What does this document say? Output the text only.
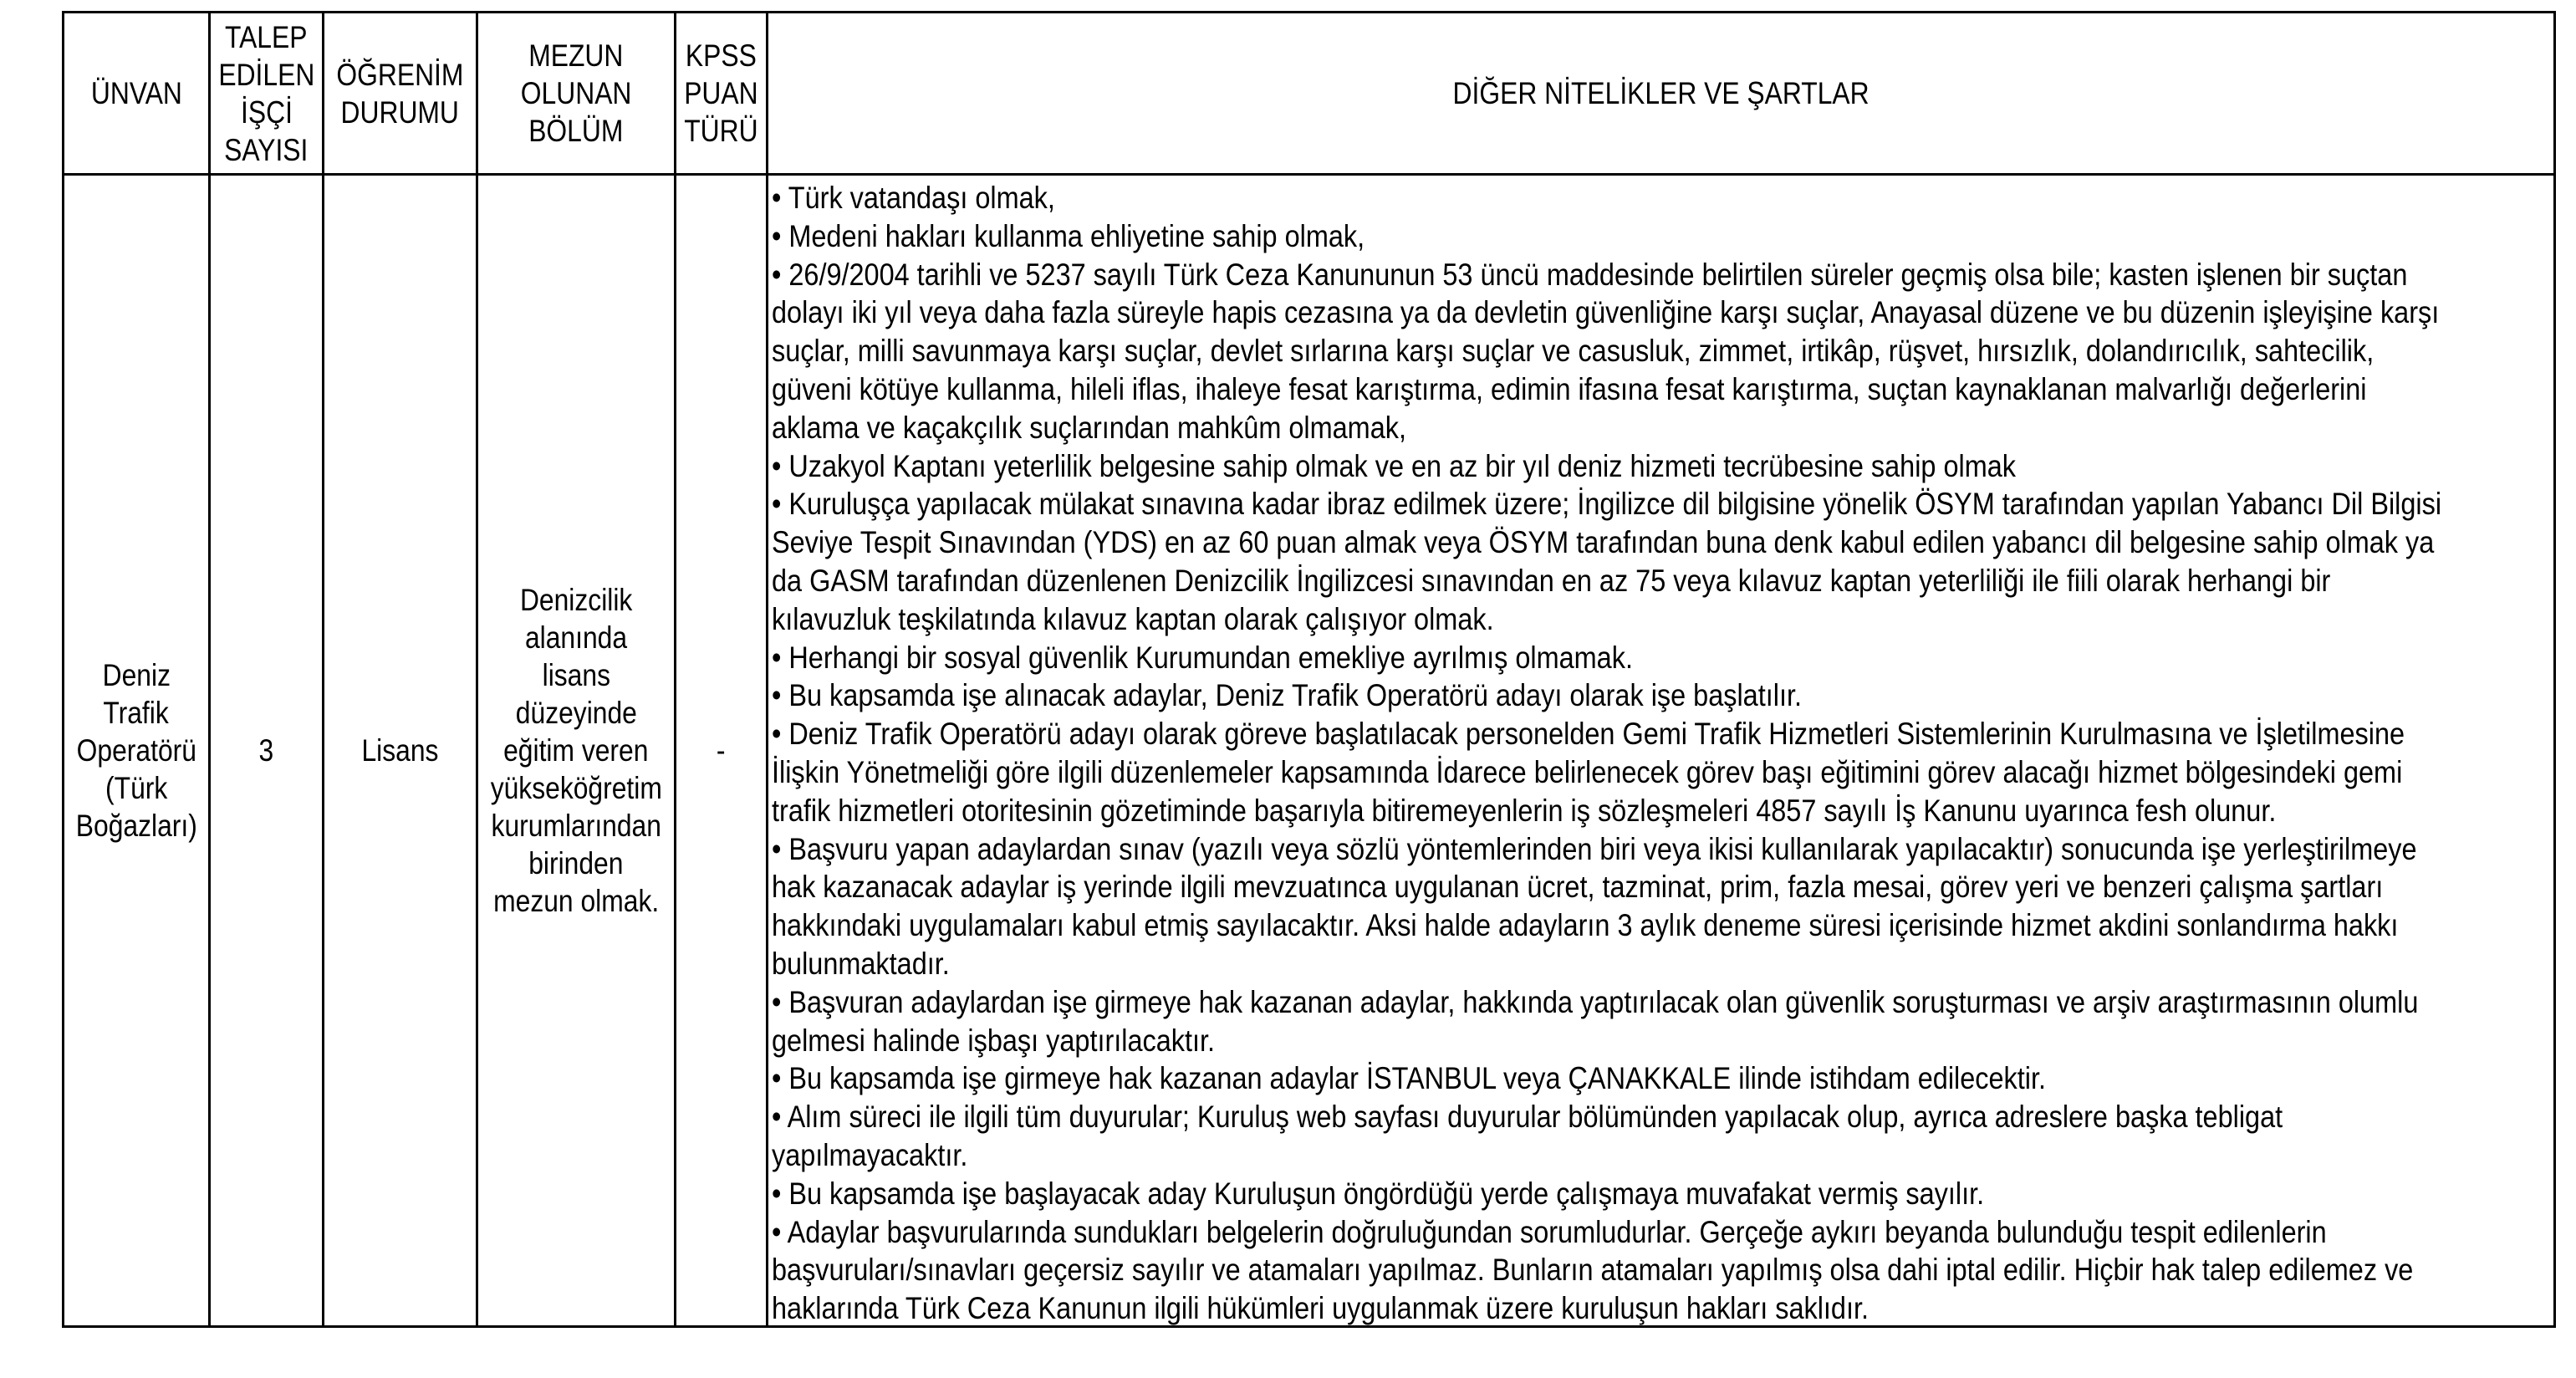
ÜNVAN
TALEP
EDİLEN
İŞÇİ
SAYISI
ÖĞRENİM
DURUMU
MEZUN
OLUNAN
BÖLÜM
KPSS
PUAN
TÜRÜ
DİĞER NİTELİKLER VE ŞARTLAR
Deniz
Trafik
Operatörü
(Türk
Boğazları)
3	Lisans
Denizcilik
alanında
lisans
düzeyinde
eğitim veren
yükseköğretim
kurumlarından
birinden
mezun olmak.
-
• Türk vatandaşı olmak,
• Medeni hakları kullanma ehliyetine sahip olmak,
• 26/9/2004 tarihli ve 5237 sayılı Türk Ceza Kanununun 53 üncü maddesinde belirtilen süreler geçmiş olsa bile; kasten işlenen bir suçtan
dolayı iki yıl veya daha fazla süreyle hapis cezasına ya da devletin güvenliğine karşı suçlar, Anayasal düzene ve bu düzenin işleyişine karşı
suçlar, milli savunmaya karşı suçlar, devlet sırlarına karşı suçlar ve casusluk, zimmet, irtikâp, rüşvet, hırsızlık, dolandırıcılık, sahtecilik,
güveni kötüye kullanma, hileli iflas, ihaleye fesat karıştırma, edimin ifasına fesat karıştırma, suçtan kaynaklanan malvarlığı değerlerini
aklama ve kaçakçılık suçlarından mahkûm olmamak,
• Uzakyol Kaptanı yeterlilik belgesine sahip olmak ve en az bir yıl deniz hizmeti tecrübesine sahip olmak
• Kuruluşça yapılacak mülakat sınavına kadar ibraz edilmek üzere; İngilizce dil bilgisine yönelik ÖSYM tarafından yapılan Yabancı Dil Bilgisi
Seviye Tespit Sınavından (YDS) en az 60 puan almak veya ÖSYM tarafından buna denk kabul edilen yabancı dil belgesine sahip olmak ya
da GASM tarafından düzenlenen Denizcilik İngilizcesi sınavından en az 75 veya kılavuz kaptan yeterliliği ile fiili olarak herhangi bir
kılavuzluk teşkilatında kılavuz kaptan olarak çalışıyor olmak.
• Herhangi bir sosyal güvenlik Kurumundan emekliye ayrılmış olmamak.
• Bu kapsamda işe alınacak adaylar, Deniz Trafik Operatörü adayı olarak işe başlatılır.
• Deniz Trafik Operatörü adayı olarak göreve başlatılacak personelden Gemi Trafik Hizmetleri Sistemlerinin Kurulmasına ve İşletilmesine
İlişkin Yönetmeliği göre ilgili düzenlemeler kapsamında İdarece belirlenecek görev başı eğitimini görev alacağı hizmet bölgesindeki gemi
trafik hizmetleri otoritesinin gözetiminde başarıyla bitiremeyenlerin iş sözleşmeleri 4857 sayılı İş Kanunu uyarınca fesh olunur.
• Başvuru yapan adaylardan sınav (yazılı veya sözlü yöntemlerinden biri veya ikisi kullanılarak yapılacaktır) sonucunda işe yerleştirilmeye
hak kazanacak adaylar iş yerinde ilgili mevzuatınca uygulanan ücret, tazminat, prim, fazla mesai, görev yeri ve benzeri çalışma şartları
hakkındaki uygulamaları kabul etmiş sayılacaktır. Aksi halde adayların 3 aylık deneme süresi içerisinde hizmet akdini sonlandırma hakkı
bulunmaktadır.
• Başvuran adaylardan işe girmeye hak kazanan adaylar, hakkında yaptırılacak olan güvenlik soruşturması ve arşiv araştırmasının olumlu
gelmesi halinde işbaşı yaptırılacaktır.
• Bu kapsamda işe girmeye hak kazanan adaylar İSTANBUL veya ÇANAKKALE ilinde istihdam edilecektir.
• Alım süreci ile ilgili tüm duyurular; Kuruluş web sayfası duyurular bölümünden yapılacak olup, ayrıca adreslere başka tebligat
yapılmayacaktır.
• Bu kapsamda işe başlayacak aday Kuruluşun öngördüğü yerde çalışmaya muvafakat vermiş sayılır.
• Adaylar başvurularında sundukları belgelerin doğruluğundan sorumludurlar. Gerçeğe aykırı beyanda bulunduğu tespit edilenlerin
başvuruları/sınavları geçersiz sayılır ve atamaları yapılmaz. Bunların atamaları yapılmış olsa dahi iptal edilir. Hiçbir hak talep edilemez ve
haklarında Türk Ceza Kanunun ilgili hükümleri uygulanmak üzere kuruluşun hakları saklıdır.
